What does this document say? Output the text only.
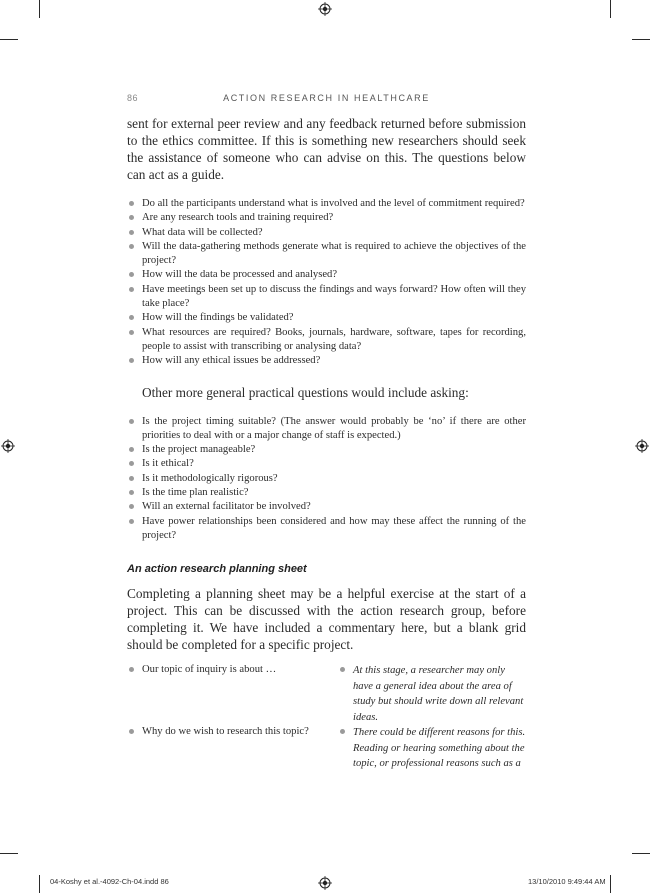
86	ACTION RESEARCH IN HEALTHCARE

sent for external peer review and any feedback returned before submission to the ethics committee. If this is something new researchers should seek the assistance of someone who can advise on this. The questions below can act as a guide.

Do all the participants understand what is involved and the level of commitment required?
Are any research tools and training required?
What data will be collected?
Will the data-gathering methods generate what is required to achieve the objectives of the project?
How will the data be processed and analysed?
Have meetings been set up to discuss the findings and ways forward? How often will they take place?
How will the findings be validated?
What resources are required? Books, journals, hardware, software, tapes for recording, people to assist with transcribing or analysing data?
How will any ethical issues be addressed?

Other more general practical questions would include asking:

Is the project timing suitable? (The answer would probably be ‘no’ if there are other priorities to deal with or a major change of staff is expected.)
Is the project manageable?
Is it ethical?
Is it methodologically rigorous?
Is the time plan realistic?
Will an external facilitator be involved?
Have power relationships been considered and how may these affect the running of the project?
An action research planning sheet

Completing a planning sheet may be a helpful exercise at the start of a project. This can be discussed with the action research group, before completing it. We have included a commentary here, but a blank grid should be completed for a specific project.

Our topic of inquiry is about …	At this stage, a researcher may only have a general idea about the area of study but should write down all relevant ideas.
Why do we wish to research this topic?	There could be different reasons for this. Reading or hearing something about the topic, or professional reasons such as a
04-Koshy et al.-4092-Ch-04.indd 86	13/10/2010 9:49:44 AM
